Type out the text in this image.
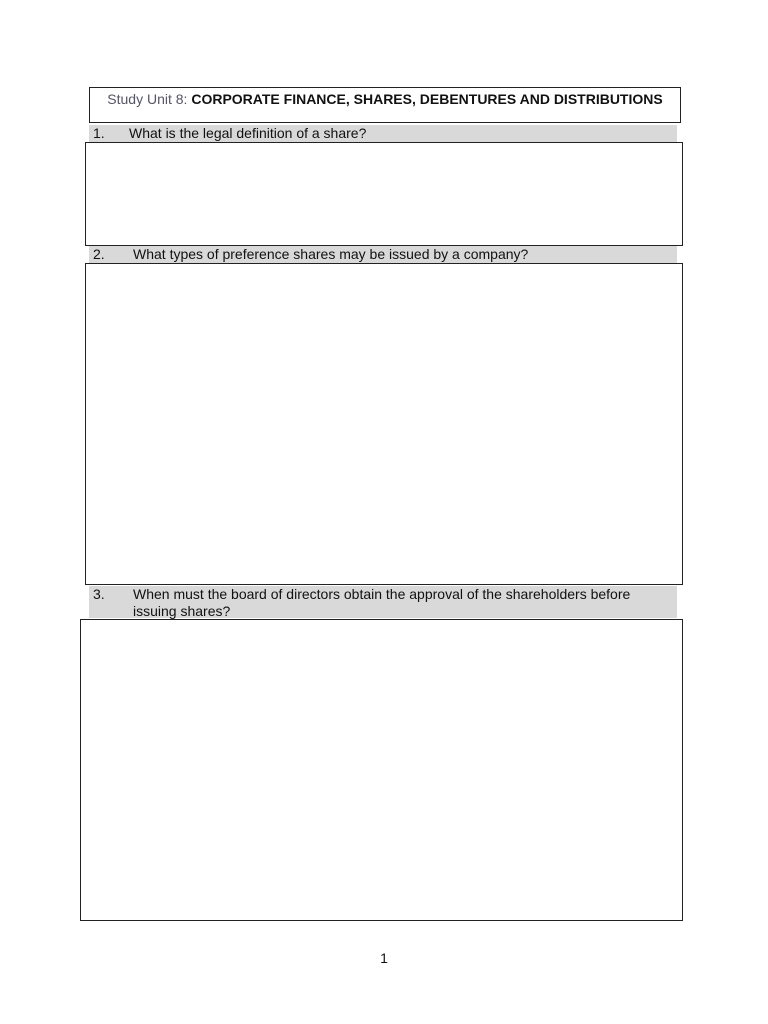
Study Unit 8: CORPORATE FINANCE, SHARES, DEBENTURES AND DISTRIBUTIONS
1. What is the legal definition of a share?
2. What types of preference shares may be issued by a company?
3. When must the board of directors obtain the approval of the shareholders before issuing shares?
1
